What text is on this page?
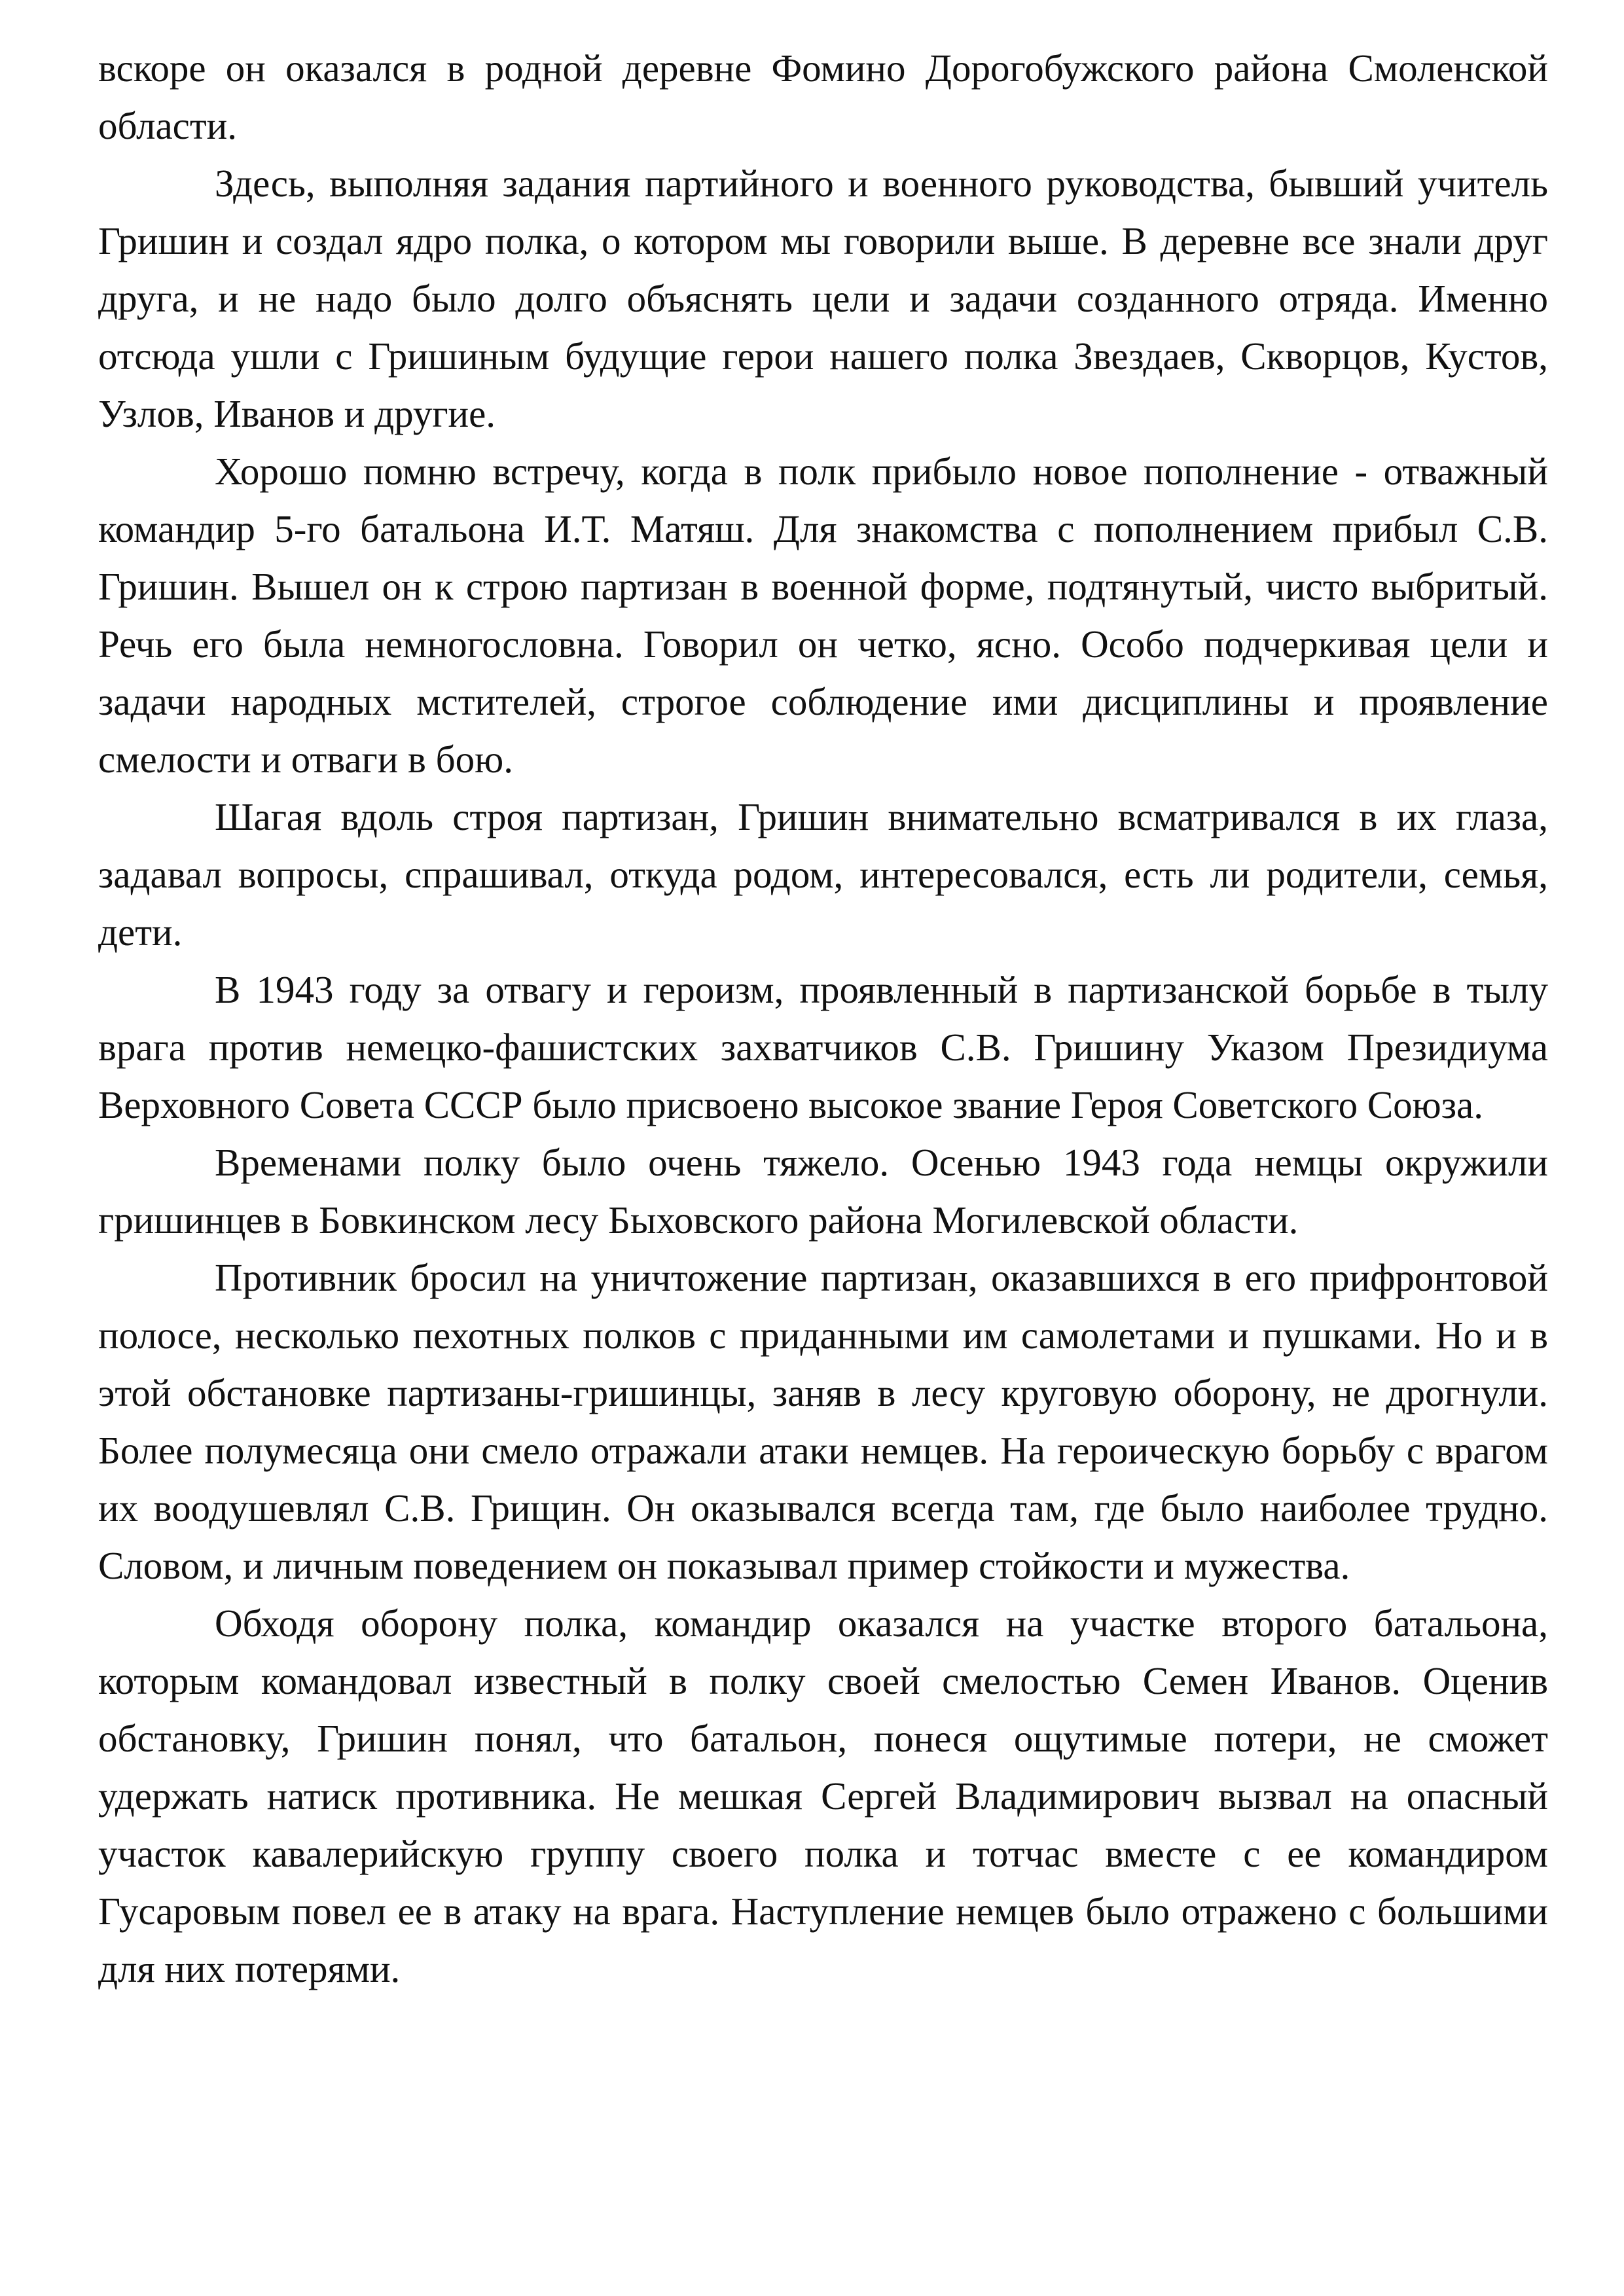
вскоре он оказался в родной деревне Фомино Дорогобужского района Смоленской области.

Здесь, выполняя задания партийного и военного руководства, бывший учитель Гришин и создал ядро полка, о котором мы говорили выше. В деревне все знали друг друга, и не надо было долго объяснять цели и задачи созданного отряда. Именно отсюда ушли с Гришиным будущие герои нашего полка Звездаев, Скворцов, Кустов, Узлов, Иванов и другие.

Хорошо помню встречу, когда в полк прибыло новое пополнение - отважный командир 5-го батальона И.Т. Матяш. Для знакомства с пополнением прибыл С.В. Гришин. Вышел он к строю партизан в военной форме, подтянутый, чисто выбритый. Речь его была немногословна. Говорил он четко, ясно. Особо подчеркивая цели и задачи народных мстителей, строгое соблюдение ими дисциплины и проявление смелости и отваги в бою.

Шагая вдоль строя партизан, Гришин внимательно всматривался в их глаза, задавал вопросы, спрашивал, откуда родом, интересовался, есть ли родители, семья, дети.

В 1943 году за отвагу и героизм, проявленный в партизанской борьбе в тылу врага против немецко-фашистских захватчиков С.В. Гришину Указом Президиума Верховного Совета СССР было присвоено высокое звание Героя Советского Союза.

Временами полку было очень тяжело. Осенью 1943 года немцы окружили гришинцев в Бовкинском лесу Быховского района Могилевской области.

Противник бросил на уничтожение партизан, оказавшихся в его прифронтовой полосе, несколько пехотных полков с приданными им самолетами и пушками. Но и в этой обстановке партизаны-гришинцы, заняв в лесу круговую оборону, не дрогнули. Более полумесяца они смело отражали атаки немцев. На героическую борьбу с врагом их воодушевлял С.В. Грищин. Он оказывался всегда там, где было наиболее трудно. Словом, и личным поведением он показывал пример стойкости и мужества.

Обходя оборону полка, командир оказался на участке второго батальона, которым командовал известный в полку своей смелостью Семен Иванов. Оценив обстановку, Гришин понял, что батальон, понеся ощутимые потери, не сможет удержать натиск противника. Не мешкая Сергей Владимирович вызвал на опасный участок кавалерийскую группу своего полка и тотчас вместе с ее командиром Гусаровым повел ее в атаку на врага. Наступление немцев было отражено с большими для них потерями.
